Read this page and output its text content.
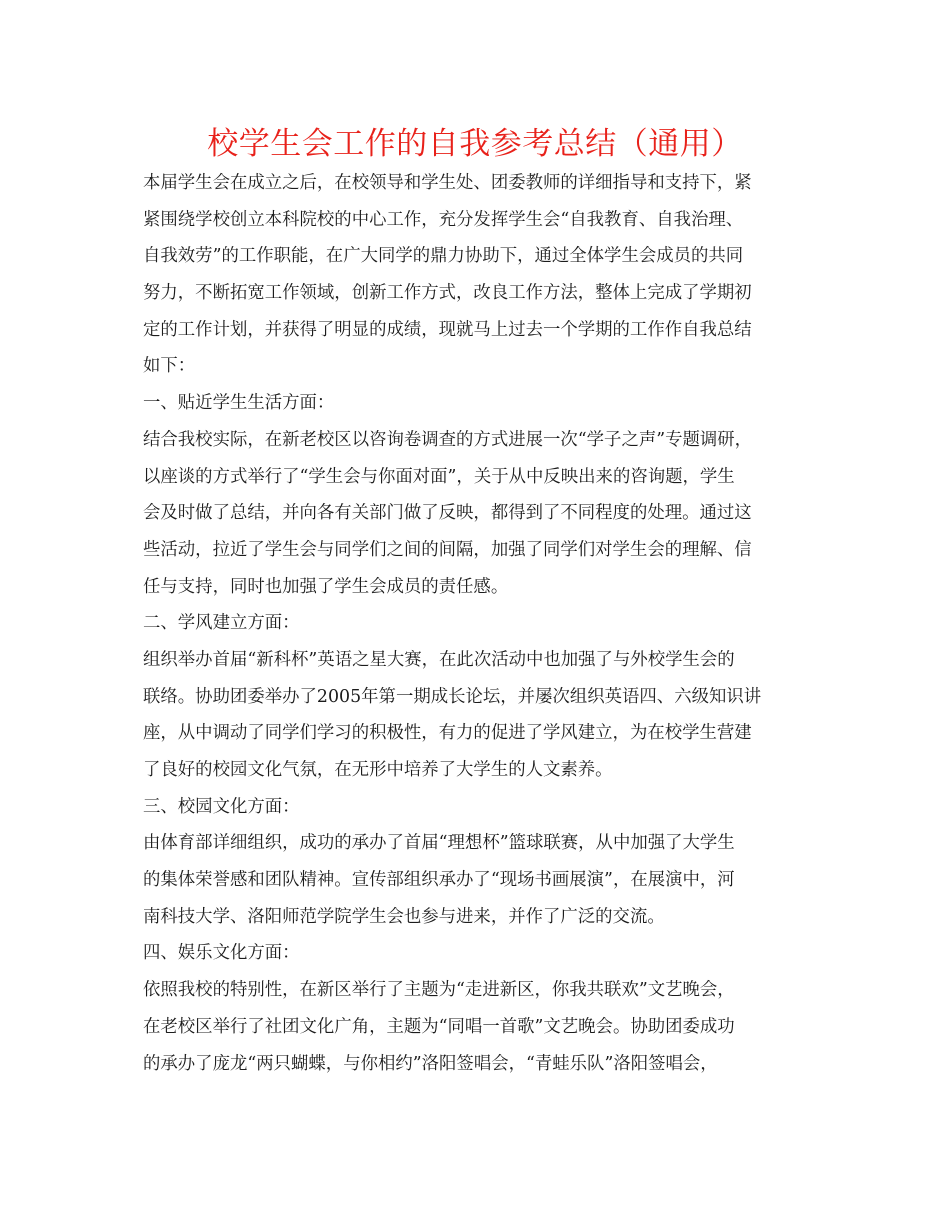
校学生会工作的自我参考总结（通用）
本届学生会在成立之后，在校领导和学生处、团委教师的详细指导和支持下，紧
紧围绕学校创立本科院校的中心工作，充分发挥学生会“自我教育、自我治理、
自我效劳”的工作职能，在广大同学的鼎力协助下，通过全体学生会成员的共同
努力，不断拓宽工作领域，创新工作方式，改良工作方法，整体上完成了学期初
定的工作计划，并获得了明显的成绩，现就马上过去一个学期的工作作自我总结
如下：
一、贴近学生生活方面：
结合我校实际，在新老校区以咨询卷调查的方式进展一次“学子之声”专题调研，
以座谈的方式举行了“学生会与你面对面”，关于从中反映出来的咨询题，学生
会及时做了总结，并向各有关部门做了反映，都得到了不同程度的处理。通过这
些活动，拉近了学生会与同学们之间的间隔，加强了同学们对学生会的理解、信
任与支持，同时也加强了学生会成员的责任感。
二、学风建立方面：
组织举办首届“新科杯”英语之星大赛，在此次活动中也加强了与外校学生会的
联络。协助团委举办了2005年第一期成长论坛，并屡次组织英语四、六级知识讲
座，从中调动了同学们学习的积极性，有力的促进了学风建立，为在校学生营建
了良好的校园文化气氛，在无形中培养了大学生的人文素养。
三、校园文化方面：
由体育部详细组织，成功的承办了首届“理想杯”篮球联赛，从中加强了大学生
的集体荣誉感和团队精神。宣传部组织承办了“现场书画展演”，在展演中，河
南科技大学、洛阳师范学院学生会也参与进来，并作了广泛的交流。
四、娱乐文化方面：
依照我校的特别性，在新区举行了主题为“走进新区，你我共联欢”文艺晚会，
在老校区举行了社团文化广角，主题为“同唱一首歌”文艺晚会。协助团委成功
的承办了庞龙“两只蝴蝶，与你相约”洛阳签唱会，“青蛙乐队”洛阳签唱会，
